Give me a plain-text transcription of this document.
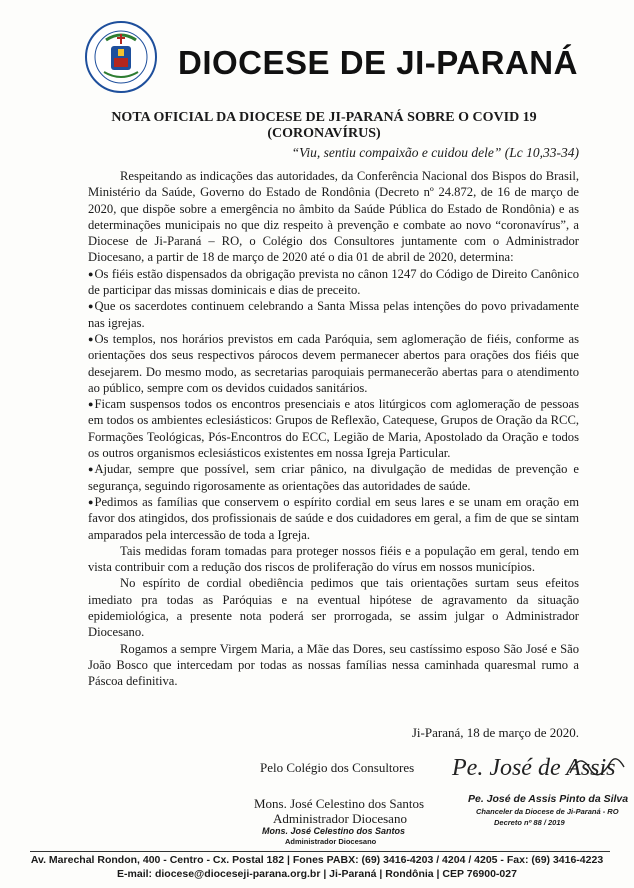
DIOCESE DE JI-PARANÁ
NOTA OFICIAL DA DIOCESE DE JI-PARANÁ SOBRE O COVID 19 (CORONAVÍRUS)
“Viu, sentiu compaixão e cuidou dele” (Lc 10,33-34)

Respeitando as indicações das autoridades, da Conferência Nacional dos Bispos do Brasil, Ministério da Saúde, Governo do Estado de Rondônia (Decreto nº 24.872, de 16 de março de 2020, que dispõe sobre a emergência no âmbito da Saúde Pública do Estado de Rondônia) e as determinações municipais no que diz respeito à prevenção e combate ao novo “coronavírus”, a Diocese de Ji-Paraná – RO, o Colégio dos Consultores juntamente com o Administrador Diocesano, a partir de 18 de março de 2020 até o dia 01 de abril de 2020, determina:

●Os fiéis estão dispensados da obrigação prevista no cânon 1247 do Código de Direito Canônico de participar das missas dominicais e dias de preceito.

●Que os sacerdotes continuem celebrando a Santa Missa pelas intenções do povo privadamente nas igrejas.

●Os templos, nos horários previstos em cada Paróquia, sem aglomeração de fiéis, conforme as orientações dos seus respectivos párocos devem permanecer abertos para orações dos fiéis que desejarem. Do mesmo modo, as secretarias paroquiais permanecerão abertas para o atendimento ao público, sempre com os devidos cuidados sanitários.

●Ficam suspensos todos os encontros presenciais e atos litúrgicos com aglomeração de pessoas em todos os ambientes eclesiásticos: Grupos de Reflexão, Catequese, Grupos de Oração da RCC, Formações Teológicas, Pós-Encontros do ECC, Legião de Maria, Apostolado da Oração e todos os outros organismos eclesiásticos existentes em nossa Igreja Particular.

●Ajudar, sempre que possível, sem criar pânico, na divulgação de medidas de prevenção e segurança, seguindo rigorosamente as orientações das autoridades de saúde.

●Pedimos as famílias que conservem o espírito cordial em seus lares e se unam em oração em favor dos atingidos, dos profissionais de saúde e dos cuidadores em geral, a fim de que se sintam amparados pela intercessão de toda a Igreja.

Tais medidas foram tomadas para proteger nossos fiéis e a população em geral, tendo em vista contribuir com a redução dos riscos de proliferação do vírus em nossos municípios.

No espírito de cordial obediência pedimos que tais orientações surtam seus efeitos imediato pra todas as Paróquias e na eventual hipótese de agravamento da situação epidemiológica, a presente nota poderá ser prorrogada, se assim julgar o Administrador Diocesano.

Rogamos a sempre Virgem Maria, a Mãe das Dores, seu castíssimo esposo São José e São João Bosco que intercedam por todas as nossas famílias nessa caminhada quaresmal rumo a Páscoa definitiva.

Ji-Paraná, 18 de março de 2020.
Pelo Colégio dos Consultores
Mons. José Celestino dos Santos
Administrador Diocesano
Mons. José Celestino dos Santos
Administrador Diocesano
Pe. José de Assis
Pe. José de Assis Pinto da Silva
Chanceler da Diocese de Ji-Paraná - RO
Decreto nº 88 / 2019
Av. Marechal Rondon, 400 - Centro - Cx. Postal 182 | Fones PABX: (69) 3416-4203 / 4204 / 4205 - Fax: (69) 3416-4223
E-mail: diocese@dioceseji-parana.org.br | Ji-Paraná | Rondônia | CEP 76900-027
